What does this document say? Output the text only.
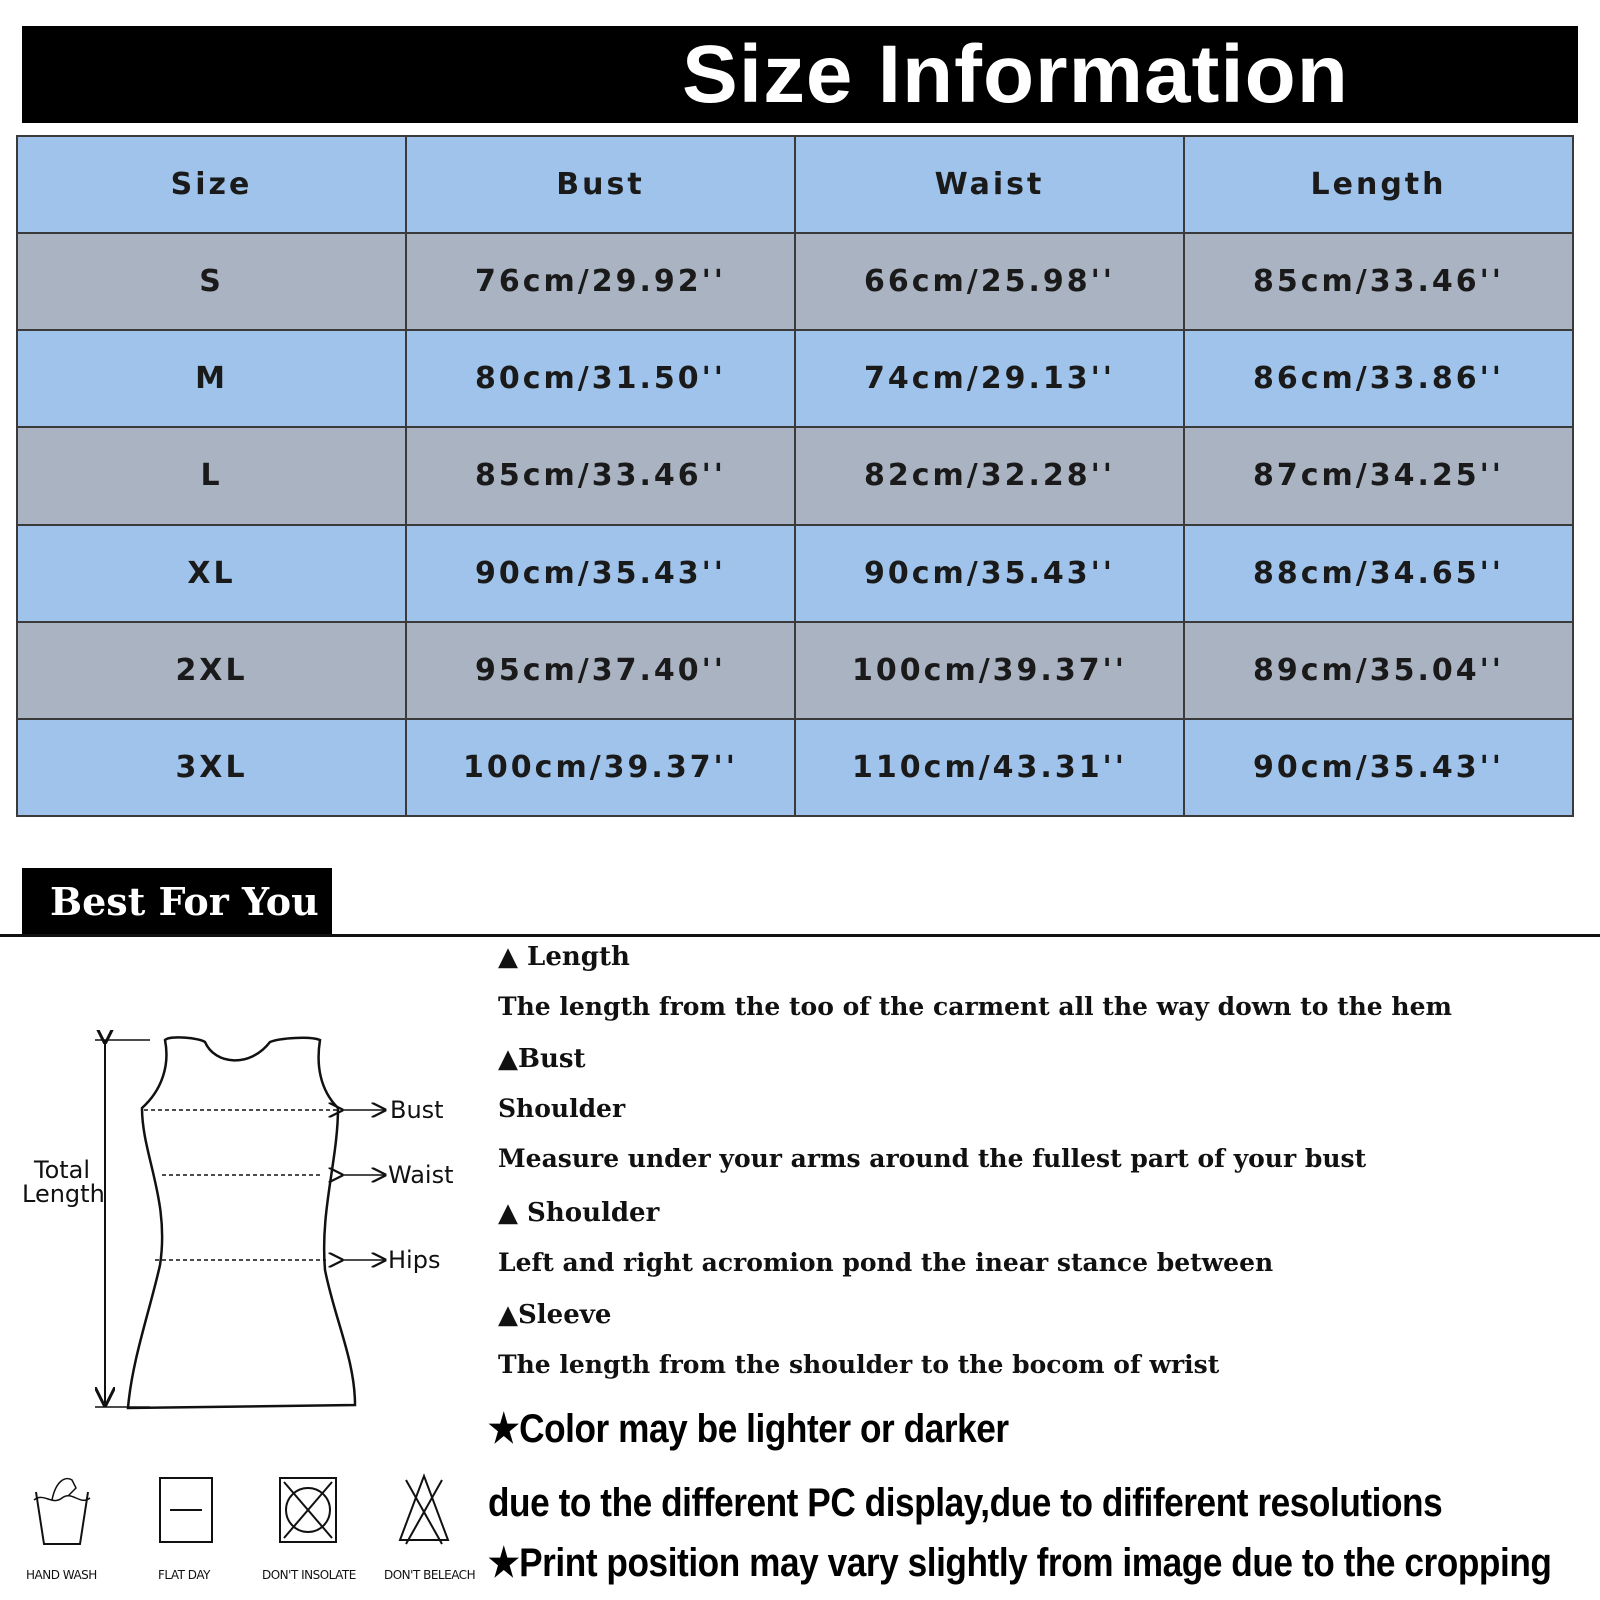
Size Information
Size	Bust	Waist	Length
S	76cm/29.92''	66cm/25.98''	85cm/33.46''
M	80cm/31.50''	74cm/29.13''	86cm/33.86''
L	85cm/33.46''	82cm/32.28''	87cm/34.25''
XL	90cm/35.43''	90cm/35.43''	88cm/34.65''
2XL	95cm/37.40''	100cm/39.37''	89cm/35.04''
3XL	100cm/39.37''	110cm/43.31''	90cm/35.43''
Best For You
Total
Length
Bust
Waist
Hips
▲ Length
The length from the too of the carment all the way down to the hem
▲Bust
Shoulder
Measure under your arms around the fullest part of your bust
▲ Shoulder
Left and right acromion pond the inear stance between
▲Sleeve
The length from the shoulder to the bocom of wrist
★Color may be lighter or darker
due to the different PC display,due to dififerent resolutions
★Print position may vary slightly from image due to the cropping
HAND WASH	FLAT DAY	DON'T INSOLATE DON'T BELEACH
